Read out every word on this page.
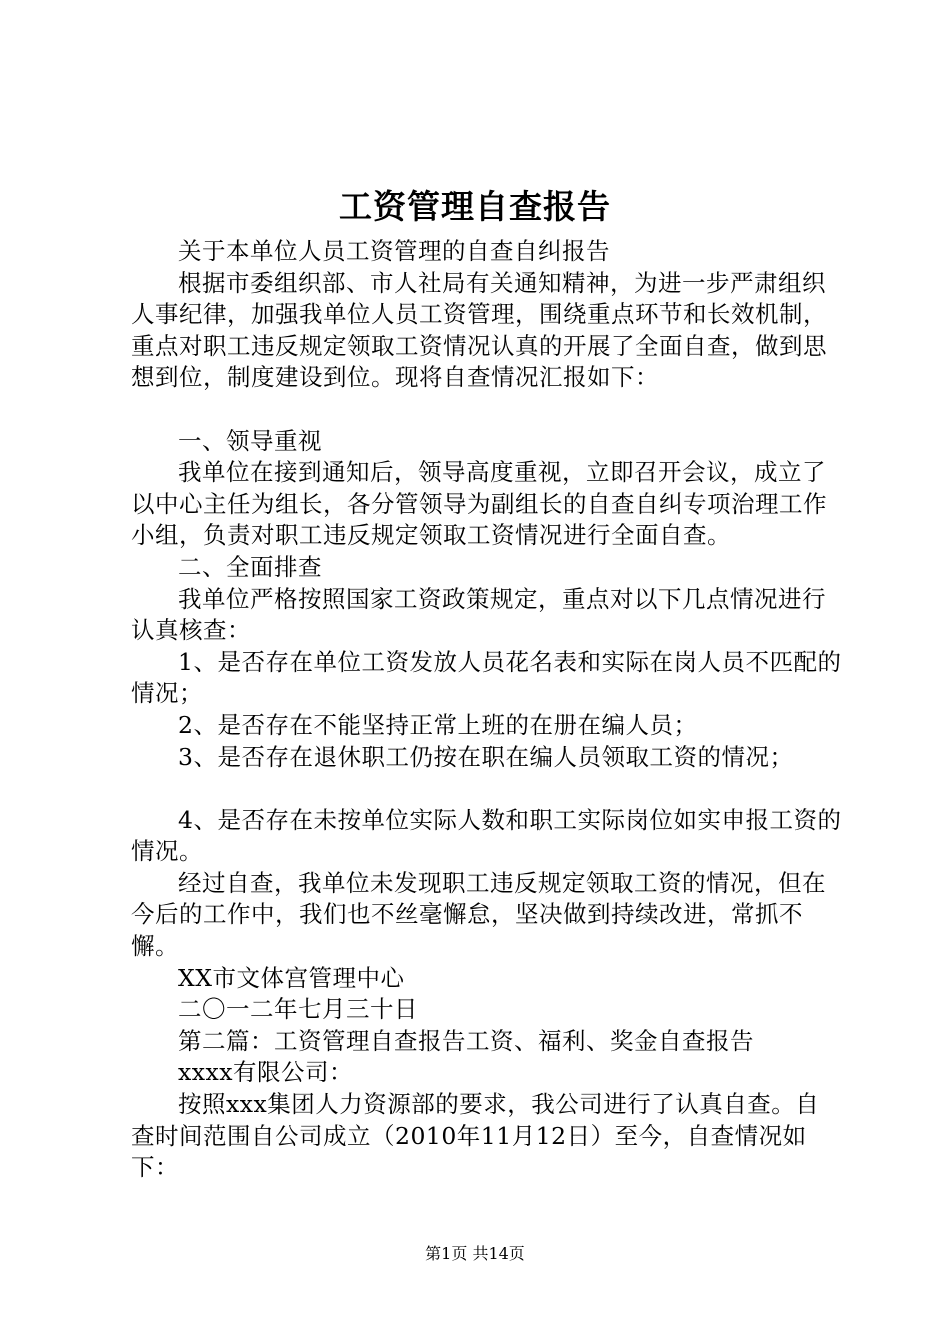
工资管理自查报告

关于本单位人员工资管理的自查自纠报告

根据市委组织部、市人社局有关通知精神，为进一步严肃组织人事纪律，加强我单位人员工资管理，围绕重点环节和长效机制，重点对职工违反规定领取工资情况认真的开展了全面自查，做到思想到位，制度建设到位。现将自查情况汇报如下：

一、领导重视

我单位在接到通知后，领导高度重视，立即召开会议，成立了以中心主任为组长，各分管领导为副组长的自查自纠专项治理工作小组，负责对职工违反规定领取工资情况进行全面自查。

二、全面排查

我单位严格按照国家工资政策规定，重点对以下几点情况进行认真核查：

1、是否存在单位工资发放人员花名表和实际在岗人员不匹配的情况；

2、是否存在不能坚持正常上班的在册在编人员；

3、是否存在退休职工仍按在职在编人员领取工资的情况；

4、是否存在未按单位实际人数和职工实际岗位如实申报工资的情况。

经过自查，我单位未发现职工违反规定领取工资的情况，但在今后的工作中，我们也不丝毫懈怠，坚决做到持续改进，常抓不懈。

XX市文体宫管理中心

二〇一二年七月三十日

第二篇：工资管理自查报告工资、福利、奖金自查报告

xxxx有限公司：

按照xxx集团人力资源部的要求，我公司进行了认真自查。自查时间范围自公司成立（2010年11月12日）至今，自查情况如下：

第1页 共14页
